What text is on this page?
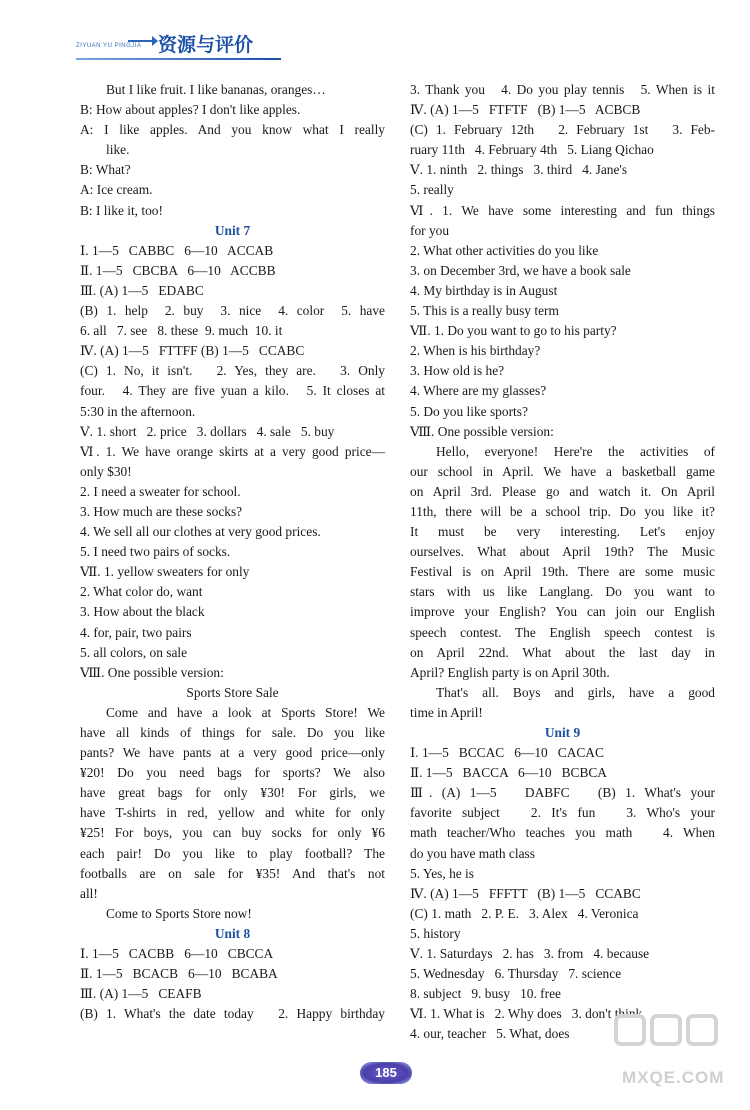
ZIYUAN YU PINGJIA 资源与评价

But I like fruit. I like bananas, oranges…

B: How about apples? I don't like apples.

A: I like apples. And you know what I really

like.

B: What?

A: Ice cream.

B: I like it, too!

Unit 7

Ⅰ. 1—5   CABBC   6—10   ACCAB

Ⅱ. 1—5   CBCBA   6—10   ACCBB

Ⅲ. (A) 1—5   EDABC

(B) 1. help  2. buy  3. nice  4. color  5. have

6. all   7. see   8. these  9. much  10. it

Ⅳ. (A) 1—5   FTTFF (B) 1—5   CCABC

(C) 1. No, it isn't.   2. Yes, they are.   3. Only

four.   4. They are five yuan a kilo.   5. It closes at

5:30 in the afternoon.

Ⅴ. 1. short   2. price   3. dollars   4. sale   5. buy

Ⅵ. 1. We have orange skirts at a very good price—

only $30!

2. I need a sweater for school.

3. How much are these socks?

4. We sell all our clothes at very good prices.

5. I need two pairs of socks.

Ⅶ. 1. yellow sweaters for only

2. What color do, want

3. How about the black

4. for, pair, two pairs

5. all colors, on sale

Ⅷ. One possible version:

Sports Store Sale

Come and have a look at Sports Store! We

have all kinds of things for sale. Do you like

pants? We have pants at a very good price—only

¥20! Do you need bags for sports? We also

have great bags for only ¥30! For girls, we

have T-shirts in red, yellow and white for only

¥25! For boys, you can buy socks for only ¥6

each pair! Do you like to play football? The

footballs are on sale for ¥35! And that's not

all!

Come to Sports Store now!

Unit 8

Ⅰ. 1—5   CACBB   6—10   CBCCA

Ⅱ. 1—5   BCACB   6—10   BCABA

Ⅲ. (A) 1—5   CEAFB

(B) 1. What's the date today   2. Happy birthday

3. Thank you   4. Do you play tennis   5. When is it

Ⅳ. (A) 1—5   FTFTF   (B) 1—5   ACBCB

(C) 1. February 12th   2. February 1st   3. Feb-

ruary 11th   4. February 4th   5. Liang Qichao

Ⅴ. 1. ninth   2. things   3. third   4. Jane's

5. really

Ⅵ. 1. We have some interesting and fun things

for you

2. What other activities do you like

3. on December 3rd, we have a book sale

4. My birthday is in August

5. This is a really busy term

Ⅶ. 1. Do you want to go to his party?

2. When is his birthday?

3. How old is he?

4. Where are my glasses?

5. Do you like sports?

Ⅷ. One possible version:

Hello, everyone! Here're the activities of

our school in April. We have a basketball game

on April 3rd. Please go and watch it. On April

11th, there will be a school trip. Do you like it?

It must be very interesting. Let's enjoy

ourselves. What about April 19th? The Music

Festival is on April 19th. There are some music

stars with us like Langlang. Do you want to

improve your English? You can join our English

speech contest. The English speech contest is

on April 22nd. What about the last day in

April? English party is on April 30th.

That's all. Boys and girls, have a good

time in April!

Unit 9

Ⅰ. 1—5   BCCAC   6—10   CACAC

Ⅱ. 1—5   BACCA   6—10   BCBCA

Ⅲ. (A) 1—5   DABFC   (B) 1. What's your

favorite subject   2. It's fun   3. Who's your

math teacher/Who teaches you math   4. When

do you have math class

5. Yes, he is

Ⅳ. (A) 1—5   FFFTT   (B) 1—5   CCABC

(C) 1. math   2. P. E.   3. Alex   4. Veronica

5. history

Ⅴ. 1. Saturdays   2. has   3. from   4. because

5. Wednesday   6. Thursday   7. science

8. subject   9. busy   10. free

Ⅵ. 1. What is   2. Why does   3. don't think

4. our, teacher   5. What, does

185	MXQE.COM
